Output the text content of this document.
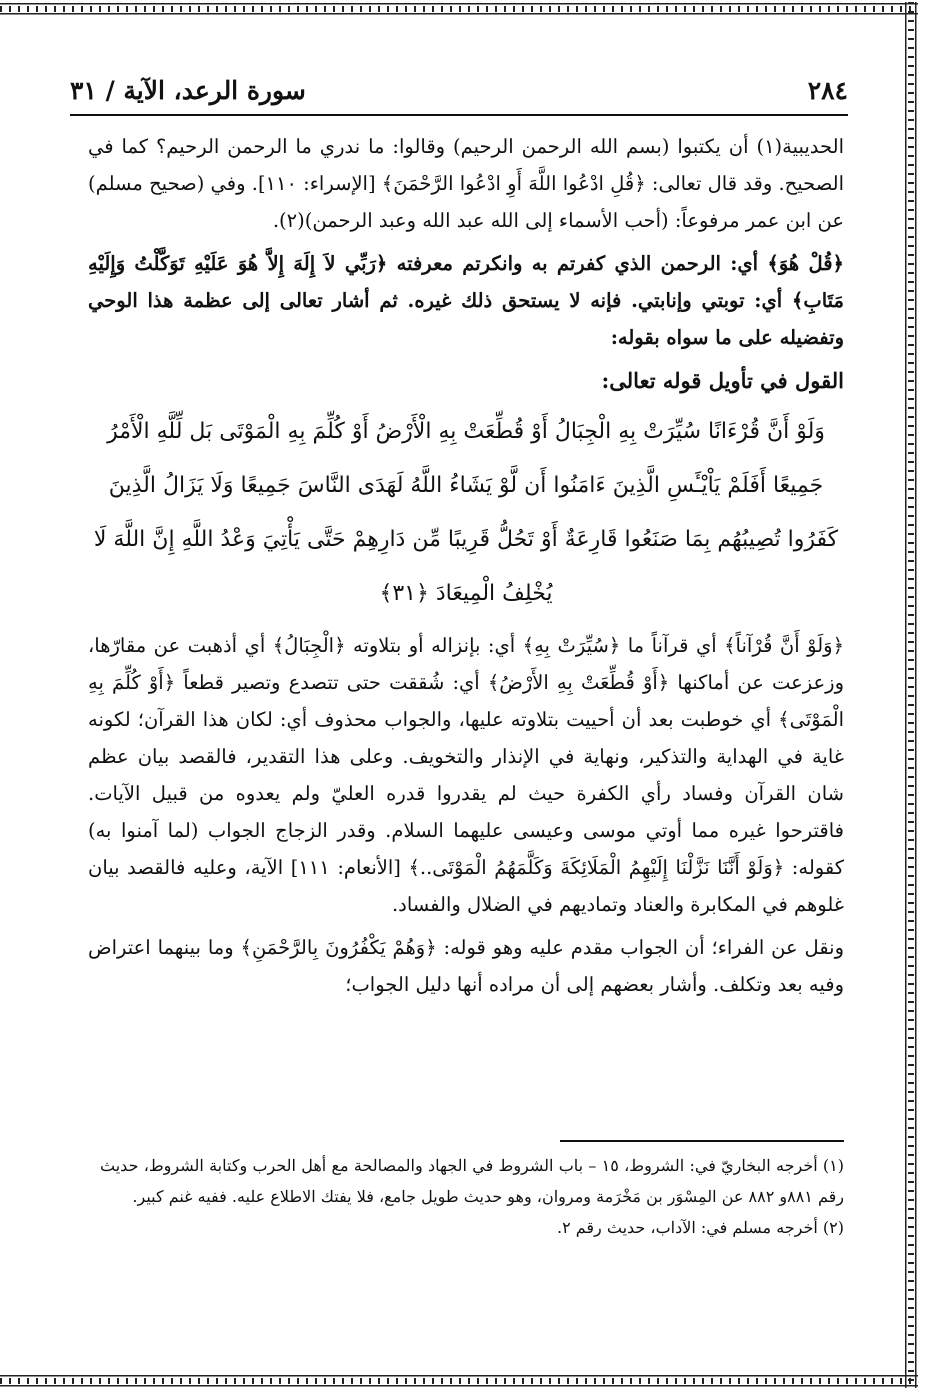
٢٨٤
سورة الرعد، الآية / ٣١

الحديبية(١) أن يكتبوا (بسم الله الرحمن الرحيم) وقالوا: ما ندري ما الرحمن الرحيم؟ كما في الصحيح. وقد قال تعالى: ﴿قُلِ ادْعُوا اللَّهَ أَوِ ادْعُوا الرَّحْمَنَ﴾ [الإسراء: ١١٠]. وفي (صحيح مسلم) عن ابن عمر مرفوعاً: (أحب الأسماء إلى الله عبد الله وعبد الرحمن)(٢).

﴿قُلْ هُوَ﴾ أي: الرحمن الذي كفرتم به وانكرتم معرفته ﴿رَبِّي لاَ إِلَهَ إِلاَّ هُوَ عَلَيْهِ تَوَكَّلْتُ وَإِلَيْهِ مَتَابِ﴾ أي: توبتي وإنابتي. فإنه لا يستحق ذلك غيره. ثم أشار تعالى إلى عظمة هذا الوحي وتفضيله على ما سواه بقوله:

القول في تأويل قوله تعالى:
وَلَوْ أَنَّ قُرْءَانًا سُيِّرَتْ بِهِ الْجِبَالُ أَوْ قُطِّعَتْ بِهِ الْأَرْضُ أَوْ كُلِّمَ بِهِ الْمَوْتَى بَل لِّلَّهِ الْأَمْرُ جَمِيعًا أَفَلَمْ يَاْيْـَٔسِ الَّذِينَ ءَامَنُوا أَن لَّوْ يَشَاءُ اللَّهُ لَهَدَى النَّاسَ جَمِيعًا وَلَا يَزَالُ الَّذِينَ كَفَرُوا تُصِيبُهُم بِمَا صَنَعُوا قَارِعَةٌ أَوْ تَحُلُّ قَرِيبًا مِّن دَارِهِمْ حَتَّى يَأْتِيَ وَعْدُ اللَّهِ إِنَّ اللَّهَ لَا يُخْلِفُ الْمِيعَادَ ﴿٣١﴾

﴿وَلَوْ أَنَّ قُرْآناً﴾ أي قرآناً ما ﴿سُيِّرَتْ بِهِ﴾ أي: بإنزاله أو بتلاوته ﴿الْجِبَالُ﴾ أي أذهبت عن مقارّها، وزعزعت عن أماكنها ﴿أَوْ قُطِّعَتْ بِهِ الأَرْضُ﴾ أي: شُققت حتى تتصدع وتصير قطعاً ﴿أَوْ كُلِّمَ بِهِ الْمَوْتَى﴾ أي خوطبت بعد أن أحييت بتلاوته عليها، والجواب محذوف أي: لكان هذا القرآن؛ لكونه غاية في الهداية والتذكير، ونهاية في الإنذار والتخويف. وعلى هذا التقدير، فالقصد بيان عظم شان القرآن وفساد رأي الكفرة حيث لم يقدروا قدره العليّ ولم يعدوه من قبيل الآيات. فاقترحوا غيره مما أوتي موسى وعيسى عليهما السلام. وقدر الزجاج الجواب (لما آمنوا به) كقوله: ﴿وَلَوْ أَنَّنَا نَزَّلْنَا إِلَيْهِمُ الْمَلَائِكَةَ وَكَلَّمَهُمُ الْمَوْتَى..﴾ [الأنعام: ١١١] الآية، وعليه فالقصد بيان غلوهم في المكابرة والعناد وتماديهم في الضلال والفساد.

ونقل عن الفراء؛ أن الجواب مقدم عليه وهو قوله: ﴿وَهُمْ يَكْفُرُونَ بِالرَّحْمَنِ﴾ وما بينهما اعتراض وفيه بعد وتكلف. وأشار بعضهم إلى أن مراده أنها دليل الجواب؛

(١) أخرجه البخاريّ في: الشروط، ١٥ – باب الشروط في الجهاد والمصالحة مع أهل الحرب وكتابة الشروط، حديث رقم ٨٨١و ٨٨٢ عن المِسْوَر بن مَخْرَمة ومروان، وهو حديث طويل جامع، فلا يفتك الاطلاع عليه. ففيه غنم كبير.

(٢) أخرجه مسلم في: الآداب، حديث رقم ٢.
